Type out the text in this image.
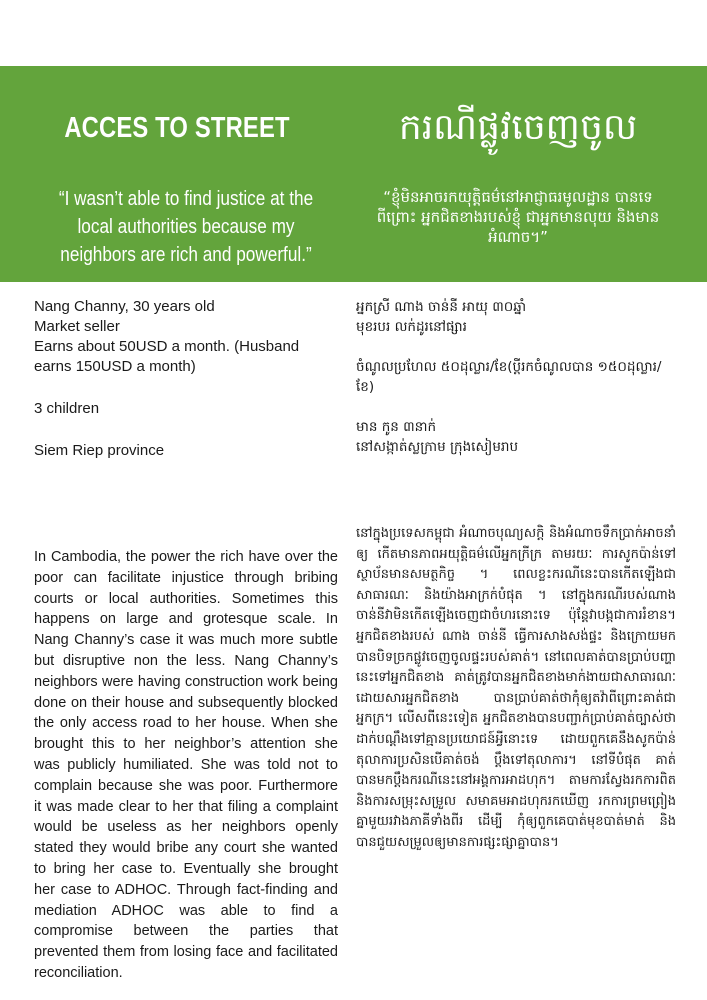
ACCES TO STREET	ករណីផ្លូវចេញចូល
“I wasn’t able to find justice at the local authorities because my neighbors are rich and powerful.”
“ខ្ញុំមិនអាចរកយុត្តិធម៌នៅអាជ្ញាធរមូលដ្ឋាន បានទេ ពីព្រោះ អ្នកជិតខាងរបស់ខ្ញុំ ជាអ្នកមានលុយ និងមានអំណាច។”

Nang Channy, 30 years old

Market seller

Earns about 50USD a month. (Husband earns 150USD a month)

3 children

Siem Riep province

អ្នកស្រី ណាង ចាន់នី អាយុ ៣០ឆ្នាំ

មុខរបរ លក់ដូរនៅផ្សារ

ចំណូលប្រហែល ៥០ដុល្លារ/ខែ(ប្តីរកចំណូលបាន ១៥០ដុល្លារ/ខែ)

មាន កូន ៣នាក់

នៅសង្កាត់ស្លក្រាម ក្រុងសៀមរាប

In Cambodia, the power the rich have over the poor can facilitate injustice through bribing courts or local authorities. Sometimes this happens on large and grotesque scale. In Nang Channy’s case it was much more subtle but disruptive non the less. Nang Channy’s neighbors were having construction work being done on their house and subsequently blocked the only access road to her house. When she brought this to her neighbor’s attention she was publicly humiliated. She was told not to complain because she was poor. Furthermore it was made clear to her that filing a complaint would be useless as her neighbors openly stated they would bribe any court she wanted to bring her case to. Eventually she brought her case to ADHOC. Through fact-finding and mediation ADHOC was able to find a compromise between the parties that prevented them from losing face and facilitated reconciliation.
នៅក្នុងប្រទេសកម្ពុជា អំណាចបុណ្យសក្តិ និងអំណាចទឹកប្រាក់អាចនាំឲ្យ កើតមានភាពអយុត្តិធម៌លើអ្នកក្រីក្រ តាមរយៈ ការសូកប៉ាន់ទៅស្ថាប័នមានសមត្ថកិច្ច ។ ពេលខ្លះករណីនេះបានកើតឡើងជាសាធារណៈ និងយ៉ាងអាក្រក់បំផុត ។ នៅក្នុងករណីរបស់ណាងចាន់នីវាមិនកើតឡើងចេញជាចំហរនោះទេ ប៉ុន្តែវាបង្កជាការរំខាន។ អ្នកជិតខាងរបស់ ណាង ចាន់នី ធ្វើការសាងសង់ផ្ទះ និងក្រោយមកបានបិទច្រកផ្លូវចេញចូលផ្ទះរបស់គាត់។ នៅពេលគាត់បានប្រាប់បញ្ហានេះទៅអ្នកជិតខាង គាត់ត្រូវបានអ្នកជិតខាងមាក់ងាយជាសាធារណៈ ដោយសារអ្នកជិតខាង បានប្រាប់គាត់ថាកុំឲ្យតវ៉ាពីព្រោះគាត់ជាអ្នកក្រ។ លើសពីនេះទៀត អ្នកជិតខាងបានបញ្ជាក់ប្រាប់គាត់ច្បាស់ថា ដាក់បណ្តឹងទៅគ្មានប្រយោជន៍អ្វីនោះទេ ដោយពួកគេនឹងសូកប៉ាន់តុលាការប្រសិនបើគាត់ចង់ ប្តឹងទៅតុលាការ។ នៅទីបំផុត គាត់បានមកប្តឹងករណីនេះនៅអង្គការអាដហុក។ តាមការស្វែងរកការពិត និងការសម្រុះសម្រួល សមាគមអាដហុករកឃើញ រកការព្រមព្រៀងគ្នាមួយរវាងភាគីទាំងពីរ ដើម្បី កុំឲ្យពួកគេបាត់មុខបាត់មាត់ និងបានជួយសម្រួលឲ្យមានការផ្សះផ្សាគ្នាបាន។
